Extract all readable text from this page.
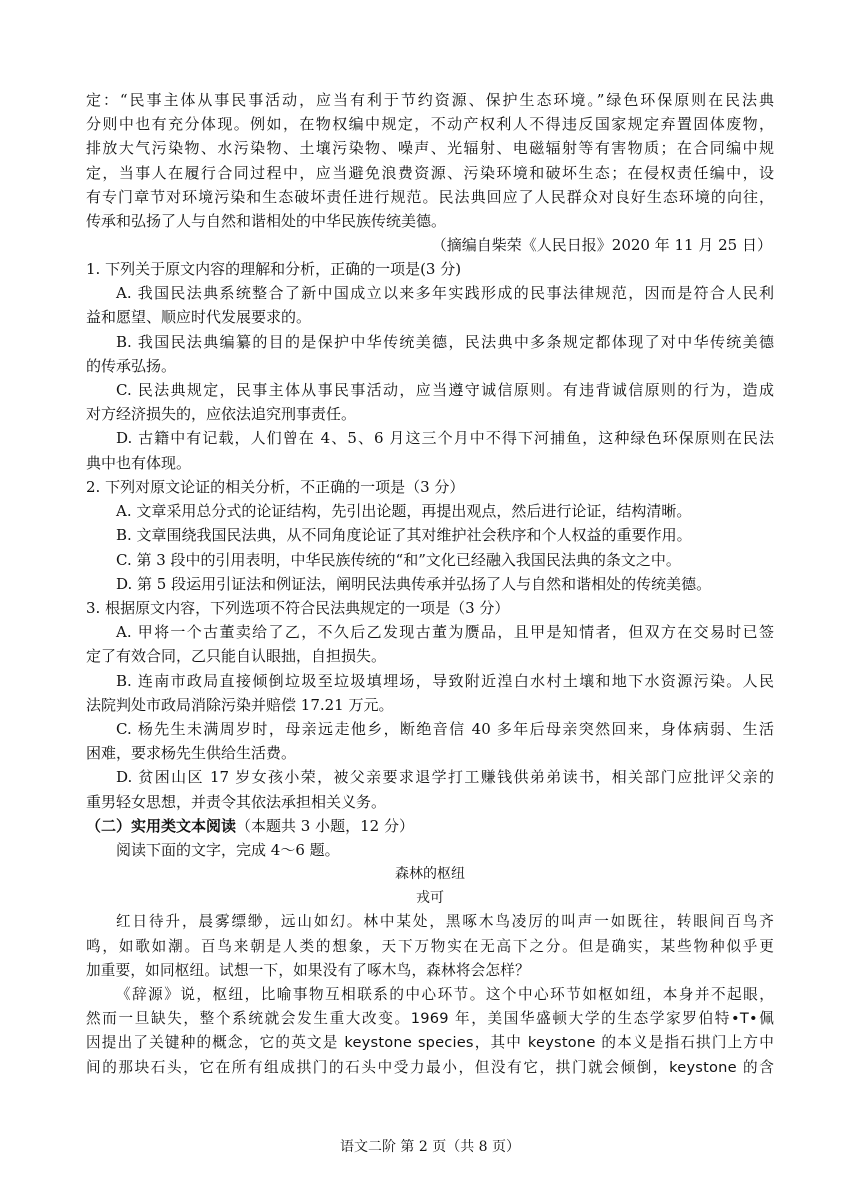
定：“民事主体从事民事活动，应当有利于节约资源、保护生态环境。”绿色环保原则在民法典
分则中也有充分体现。例如，在物权编中规定，不动产权利人不得违反国家规定弃置固体废物，
排放大气污染物、水污染物、土壤污染物、噪声、光辐射、电磁辐射等有害物质；在合同编中规
定，当事人在履行合同过程中，应当避免浪费资源、污染环境和破坏生态；在侵权责任编中，设
有专门章节对环境污染和生态破坏责任进行规范。民法典回应了人民群众对良好生态环境的向往，
传承和弘扬了人与自然和谐相处的中华民族传统美德。
（摘编自柴荣《人民日报》2020 年 11 月 25 日）
1. 下列关于原文内容的理解和分析，正确的一项是(3 分)
A. 我国民法典系统整合了新中国成立以来多年实践形成的民事法律规范，因而是符合人民利
益和愿望、顺应时代发展要求的。
B. 我国民法典编纂的目的是保护中华传统美德，民法典中多条规定都体现了对中华传统美德
的传承弘扬。
C. 民法典规定，民事主体从事民事活动，应当遵守诚信原则。有违背诚信原则的行为，造成
对方经济损失的，应依法追究刑事责任。
D. 古籍中有记载，人们曾在 4、5、6 月这三个月中不得下河捕鱼，这种绿色环保原则在民法
典中也有体现。
2. 下列对原文论证的相关分析，不正确的一项是（3 分）
A. 文章采用总分式的论证结构，先引出论题，再提出观点，然后进行论证，结构清晰。
B. 文章围绕我国民法典，从不同角度论证了其对维护社会秩序和个人权益的重要作用。
C. 第 3 段中的引用表明，中华民族传统的“和”文化已经融入我国民法典的条文之中。
D. 第 5 段运用引证法和例证法，阐明民法典传承并弘扬了人与自然和谐相处的传统美德。
3. 根据原文内容，下列选项不符合民法典规定的一项是（3 分）
A. 甲将一个古董卖给了乙，不久后乙发现古董为赝品，且甲是知情者，但双方在交易时已签
定了有效合同，乙只能自认眼拙，自担损失。
B. 连南市政局直接倾倒垃圾至垃圾填埋场，导致附近湟白水村土壤和地下水资源污染。人民
法院判处市政局消除污染并赔偿 17.21 万元。
C. 杨先生未满周岁时，母亲远走他乡，断绝音信 40 多年后母亲突然回来，身体病弱、生活
困难，要求杨先生供给生活费。
D. 贫困山区 17 岁女孩小荣，被父亲要求退学打工赚钱供弟弟读书，相关部门应批评父亲的
重男轻女思想，并责令其依法承担相关义务。
（二）实用类文本阅读（本题共 3 小题，12 分）
阅读下面的文字，完成 4～6 题。
森林的枢纽
戎可
红日待升，晨雾缥缈，远山如幻。林中某处，黑啄木鸟凌厉的叫声一如既往，转眼间百鸟齐
鸣，如歌如潮。百鸟来朝是人类的想象，天下万物实在无高下之分。但是确实，某些物种似乎更
加重要，如同枢纽。试想一下，如果没有了啄木鸟，森林将会怎样？
《辞源》说，枢纽，比喻事物互相联系的中心环节。这个中心环节如枢如纽，本身并不起眼，
然而一旦缺失，整个系统就会发生重大改变。1969 年，美国华盛顿大学的生态学家罗伯特•T•佩
因提出了关键种的概念，它的英文是 keystone species，其中 keystone 的本义是指石拱门上方中
间的那块石头，它在所有组成拱门的石头中受力最小，但没有它，拱门就会倾倒，keystone 的含
语文二阶 第 2 页（共 8 页）
